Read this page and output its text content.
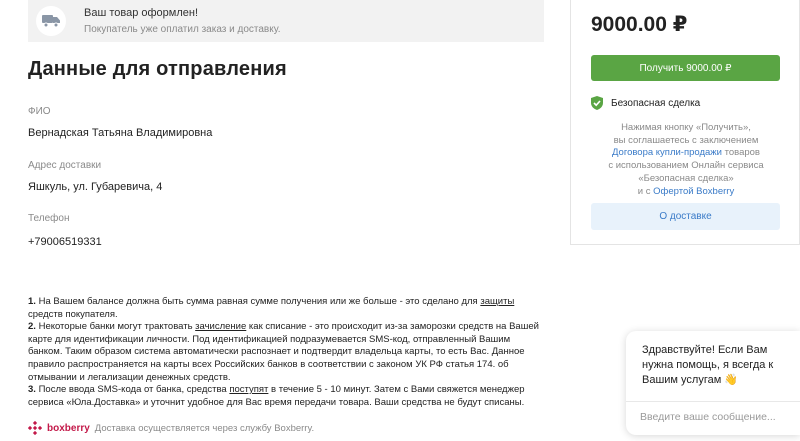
Ваш товар оформлен!
Покупатель уже оплатил заказ и доставку.
Данные для отправления
ФИО
Вернадская Татьяна Владимировна
Адрес доставки
Яшкуль, ул. Губаревича, 4
Телефон
+79006519331
1. На Вашем балансе должна быть сумма равная сумме получения или же больше - это сделано для защиты средств покупателя.
2. Некоторые банки могут трактовать зачисление как списание - это происходит из-за заморозки средств на Вашей карте для идентификации личности. Под идентификацией подразумевается SMS-код, отправленный Вашим банком. Таким образом система автоматически распознает и подтвердит владельца карты, то есть Вас. Данное правило распространяется на карты всех Российских банков в соответствии с законом УК РФ статья 174. об отмывании и легализации денежных средств.
3. После ввода SMS-кода от банка, средства поступят в течение 5 - 10 минут. Затем с Вами свяжется менеджер сервиса «Юла.Доставка» и уточнит удобное для Вас время передачи товара. Ваши средства не будут списаны.
boxberry Доставка осуществляется через службу Boxberry.
9000.00 ₽
Получить 9000.00 ₽
Безопасная сделка
Нажимая кнопку «Получить»,
вы соглашаетесь с заключением
Договора купли-продажи товаров
с использованием Онлайн сервиса
«Безопасная сделка»
и с Офертой Boxberry
О доставке
Здравствуйте! Если Вам нужна помощь, я всегда к Вашим услугам 👋
Введите ваше сообщение...
